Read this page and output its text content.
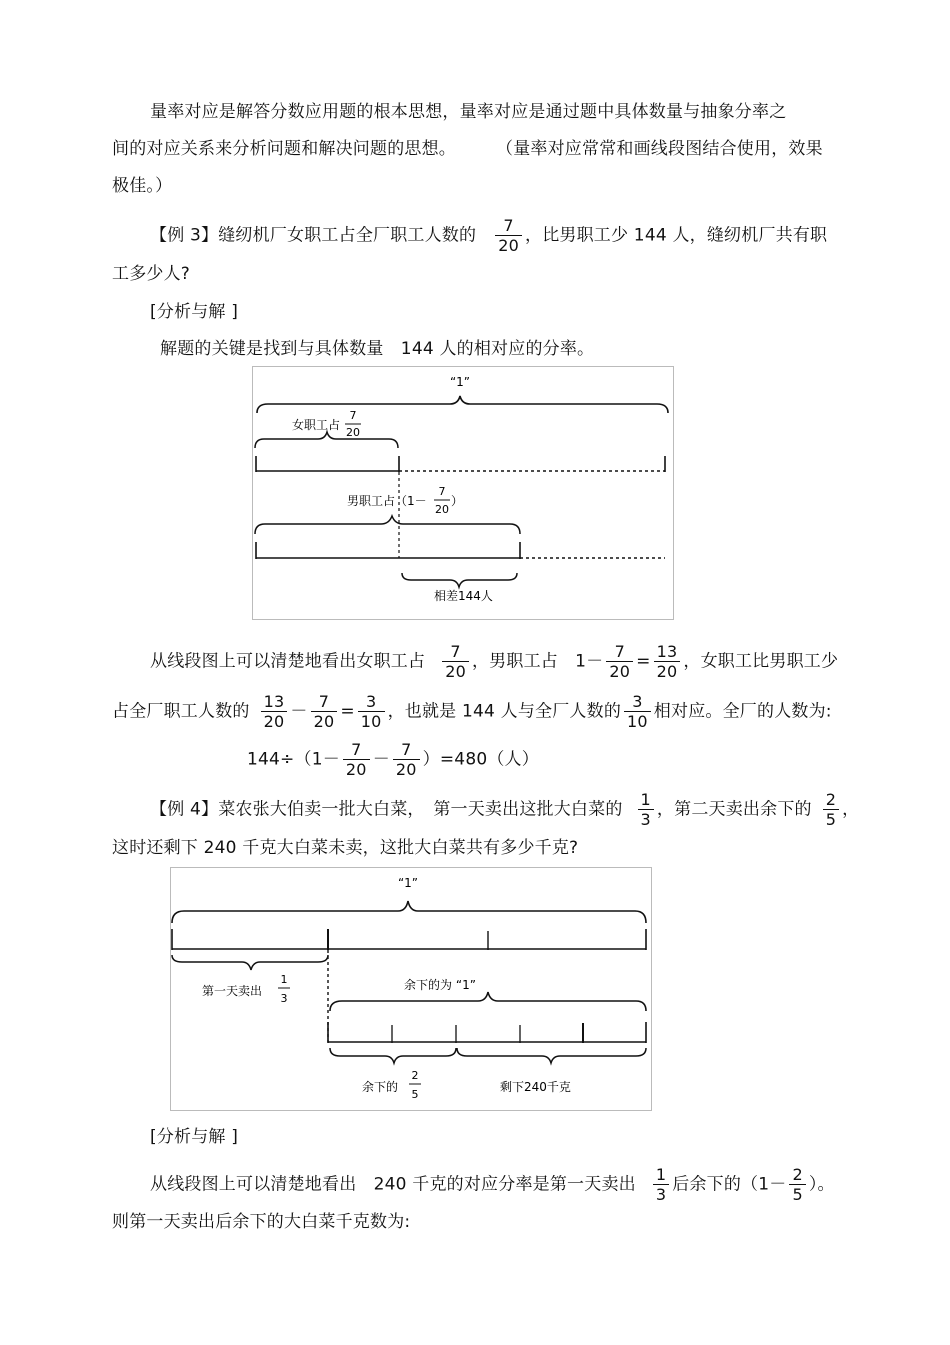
量率对应是解答分数应用题的根本思想，量率对应是通过题中具体数量与抽象分率之
间的对应关系来分析问题和解决问题的思想。 （量率对应常常和画线段图结合使用，效果
极佳。）
【例 3】缝纫机厂女职工占全厂职工人数的 $\frac{7}{20}$ ，比男职工少 144 人，缝纫机厂共有职
工多少人?
[分析与解 ]
解题的关键是找到与具体数量　144 人的相对应的分率。
“1”
女职工占
7
20
男职工占（1－
7
20
）
相差144人
从线段图上可以清楚地看出女职工占 $\frac{7}{20}$ ，男职工占　$1- \frac{7}{20} = \frac{13}{20}$ ，女职工比男职工少
占全厂职工人数的 $\frac{13}{20} - \frac{7}{20} = \frac{3}{10}$ ，也就是 144 人与全厂人数的 $\frac{3}{10}$ 相对应。全厂的人数为:
$144\div(1- \frac{7}{20} - \frac{7}{20} )=480$（人）
【例 4】菜农张大伯卖一批大白菜，　第一天卖出这批大白菜的 $\frac{1}{3}$ ，第二天卖出余下的 $\frac{2}{5}$ ，
这时还剩下 240 千克大白菜未卖，这批大白菜共有多少千克?
“1”
第一天卖出
1
3
余下的为 “1”
余下的
2
5
剩下240千克
[分析与解 ]
从线段图上可以清楚地看出　240 千克的对应分率是第一天卖出 $\frac{1}{3}$ 后余下的（$1- \frac{2}{5}$ ）。
则第一天卖出后余下的大白菜千克数为:
